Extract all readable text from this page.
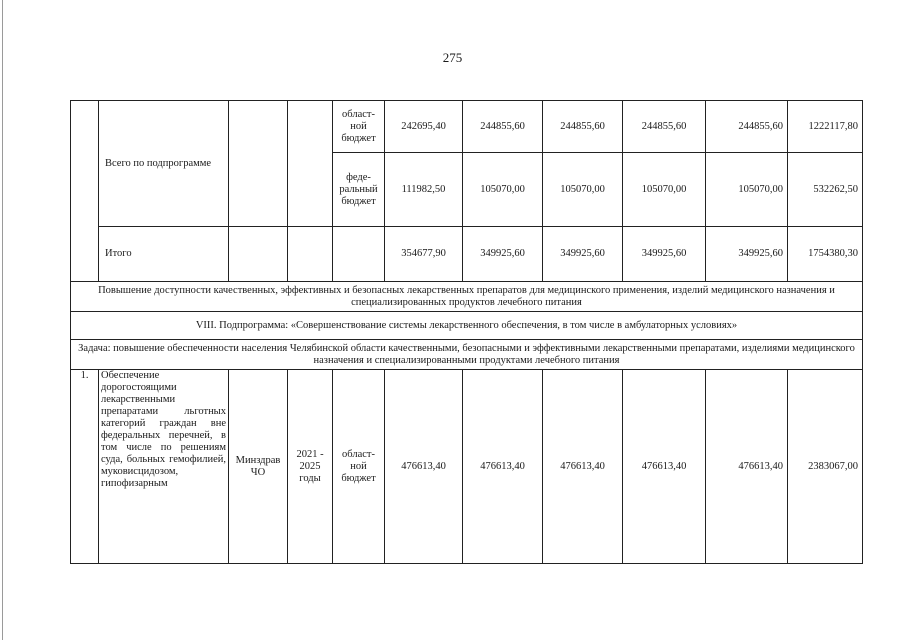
275
	Всего по подпрограмме			област-ной бюджет	242695,40	244855,60	244855,60	244855,60	244855,60	1222117,80
				феде-ральный бюджет	111982,50	105070,00	105070,00	105070,00	105070,00	532262,50
	Итого				354677,90	349925,60	349925,60	349925,60	349925,60	1754380,30
Повышение доступности качественных, эффективных и безопасных лекарственных препаратов для медицинского применения, изделий медицинского назначения и специализированных продуктов лечебного питания										
VIII. Подпрограмма: «Совершенствование системы лекарственного обеспечения, в том числе в амбулаторных условиях»										
Задача: повышение обеспеченности населения Челябинской области качественными, безопасными и эффективными лекарственными препаратами, изделиями медицинского назначения и специализированными продуктами лечебного питания										
1.	Обеспечение дорогостоящими лекарственными препаратами льготных категорий граждан вне федеральных перечней, в том числе по решениям суда, больных гемофилией, муковисцидозом, гипофизарным	Минздрав ЧО	2021 - 2025 годы	област-ной бюджет	476613,40	476613,40	476613,40	476613,40	476613,40	2383067,00
